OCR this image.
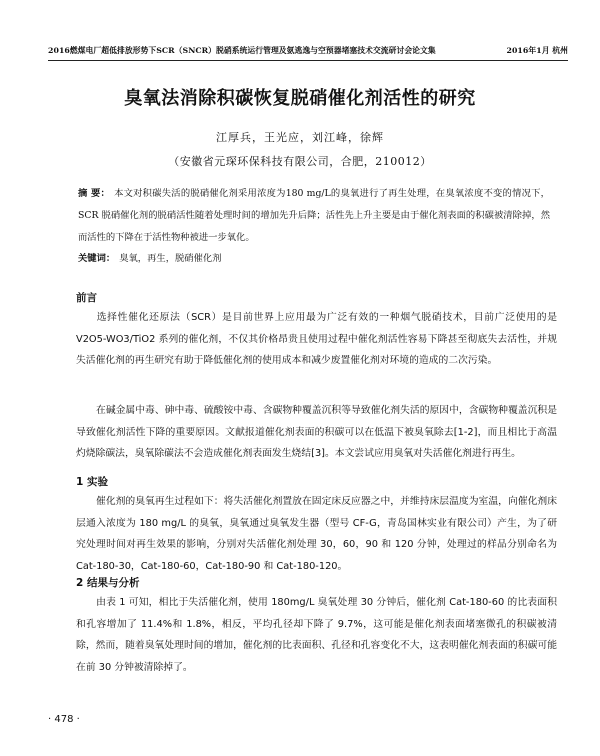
2016燃煤电厂超低排放形势下SCR（SNCR）脱硝系统运行管理及氨逃逸与空预器堵塞技术交流研讨会论文集	2016年1月 杭州
臭氧法消除积碳恢复脱硝催化剂活性的研究
江厚兵，王光应，刘江峰，徐辉
（安徽省元琛环保科技有限公司，合肥，210012）
摘 要： 本文对积碳失活的脱硝催化剂采用浓度为180 mg/L的臭氧进行了再生处理，在臭氧浓度不变的情况下，SCR 脱硝催化剂的脱硝活性随着处理时间的增加先升后降；活性先上升主要是由于催化剂表面的积碳被清除掉，然而活性的下降在于活性物种被进一步氧化。
关键词： 臭氧，再生，脱硝催化剂
前言
选择性催化还原法（SCR）是目前世界上应用最为广泛有效的一种烟气脱硝技术，目前广泛使用的是 V2O5-WO3/TiO2 系列的催化剂，不仅其价格昂贵且使用过程中催化剂活性容易下降甚至彻底失去活性，并规失活催化剂的再生研究有助于降低催化剂的使用成本和减少废置催化剂对环境的造成的二次污染。
在碱金属中毒、砷中毒、硫酸铵中毒、含碳物种覆盖沉积等导致催化剂失活的原因中，含碳物种覆盖沉积是导致催化剂活性下降的重要原因。文献报道催化剂表面的积碳可以在低温下被臭氧除去[1-2]，而且相比于高温灼烧除碳法，臭氧除碳法不会造成催化剂表面发生烧结[3]。本文尝试应用臭氧对失活催化剂进行再生。
1 实验
催化剂的臭氧再生过程如下：将失活催化剂置放在固定床反应器之中，并维持床层温度为室温，向催化剂床层通入浓度为 180 mg/L 的臭氧，臭氧通过臭氧发生器（型号 CF-G，青岛国林实业有限公司）产生，为了研究处理时间对再生效果的影响，分别对失活催化剂处理 30，60，90 和 120 分钟，处理过的样品分别命名为 Cat-180-30，Cat-180-60，Cat-180-90 和 Cat-180-120。
2 结果与分析
由表 1 可知，相比于失活催化剂，使用 180mg/L 臭氧处理 30 分钟后，催化剂 Cat-180-60 的比表面积和孔容增加了 11.4%和 1.8%，相反，平均孔径却下降了 9.7%，这可能是催化剂表面堵塞微孔的积碳被清除，然而，随着臭氧处理时间的增加，催化剂的比表面积、孔径和孔容变化不大，这表明催化剂表面的积碳可能在前 30 分钟被清除掉了。
· 478 ·
